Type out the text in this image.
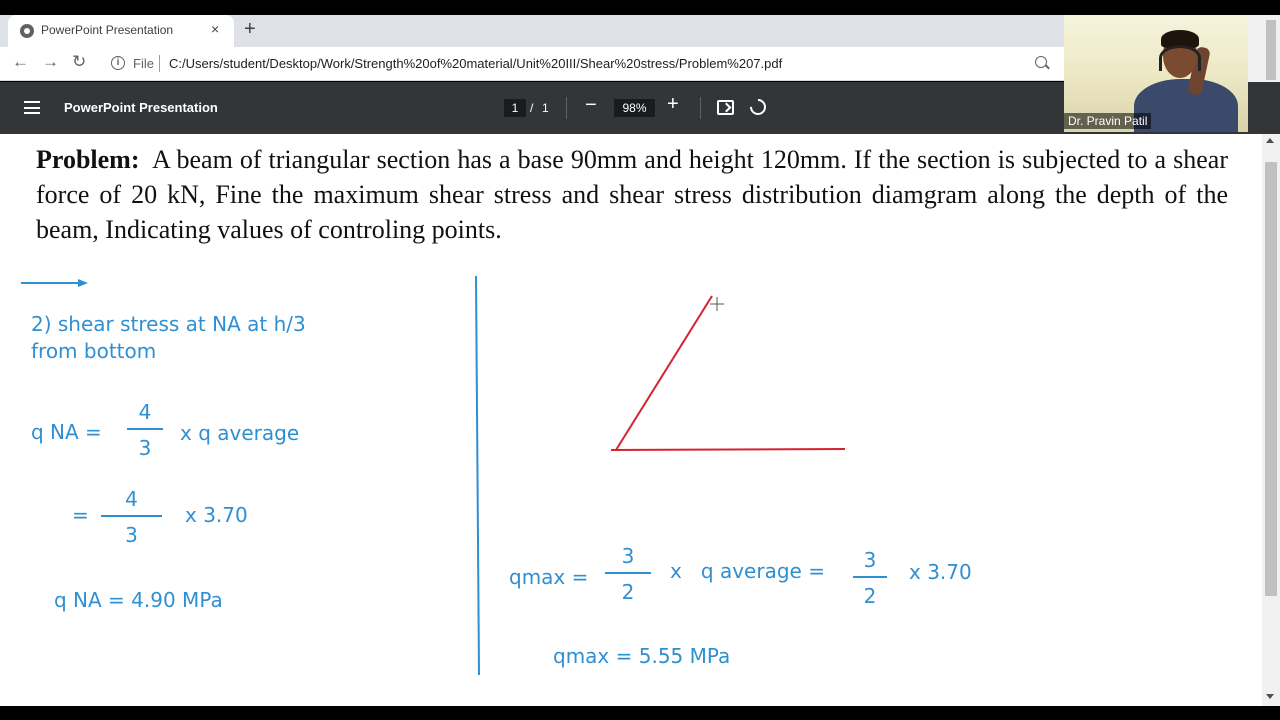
PowerPoint Presentation	× +
← → ↻	i	File C:/Users/student/Desktop/Work/Strength%20of%20material/Unit%20III/Shear%20stress/Problem%207.pdf
PowerPoint Presentation	1 / 1 −	98%	+
Dr. Pravin Patil
Problem: A beam of triangular section has a base 90mm and height 120mm. If the section is subjected to a shear force of 20 kN, Fine the maximum shear stress and shear stress distribution diamgram along the depth of the beam, Indicating values of controling points.
2) shear stress at NA at h/3
from bottom
q NA =
4
3
x q average
=
4
3
x 3.70
q NA = 4.90 MPa
qmax =
3
2
x   q average =	3
2
x 3.70
qmax = 5.55 MPa
